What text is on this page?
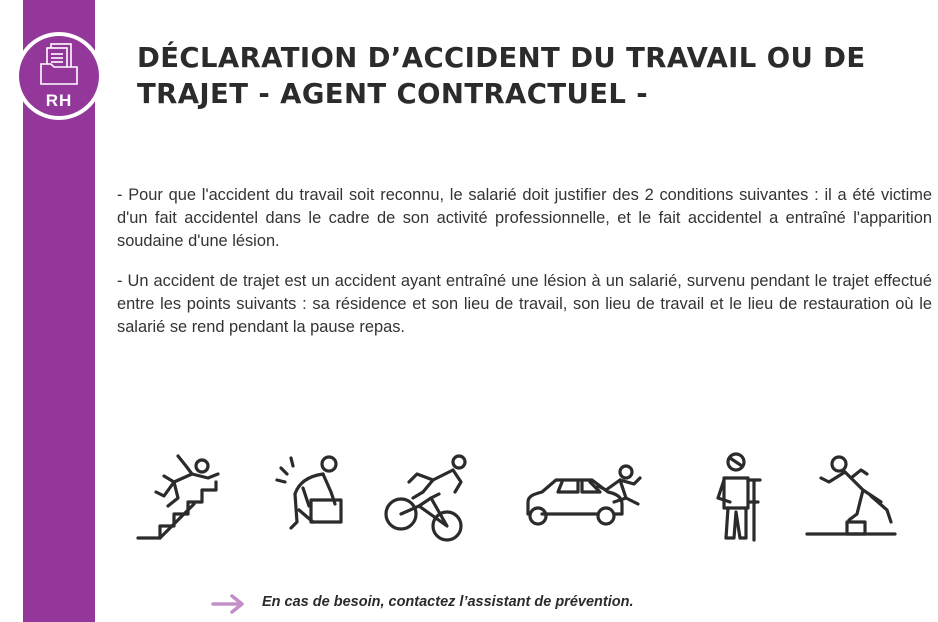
RH
DÉCLARATION D’ACCIDENT DU TRAVAIL OU DE TRAJET - AGENT CONTRACTUEL -

- Pour que l'accident du travail soit reconnu, le salarié doit justifier des 2 conditions suivantes : il a été victime d'un fait accidentel dans le cadre de son activité professionnelle, et le fait accidentel a entraîné l'apparition soudaine d'une lésion.

- Un accident de trajet est un accident ayant entraîné une lésion à un salarié, survenu pendant le trajet effectué entre les points suivants : sa résidence et son lieu de travail, son lieu de travail et le lieu de restauration où le salarié se rend pendant la pause repas.

En cas de besoin, contactez l’assistant de prévention.
